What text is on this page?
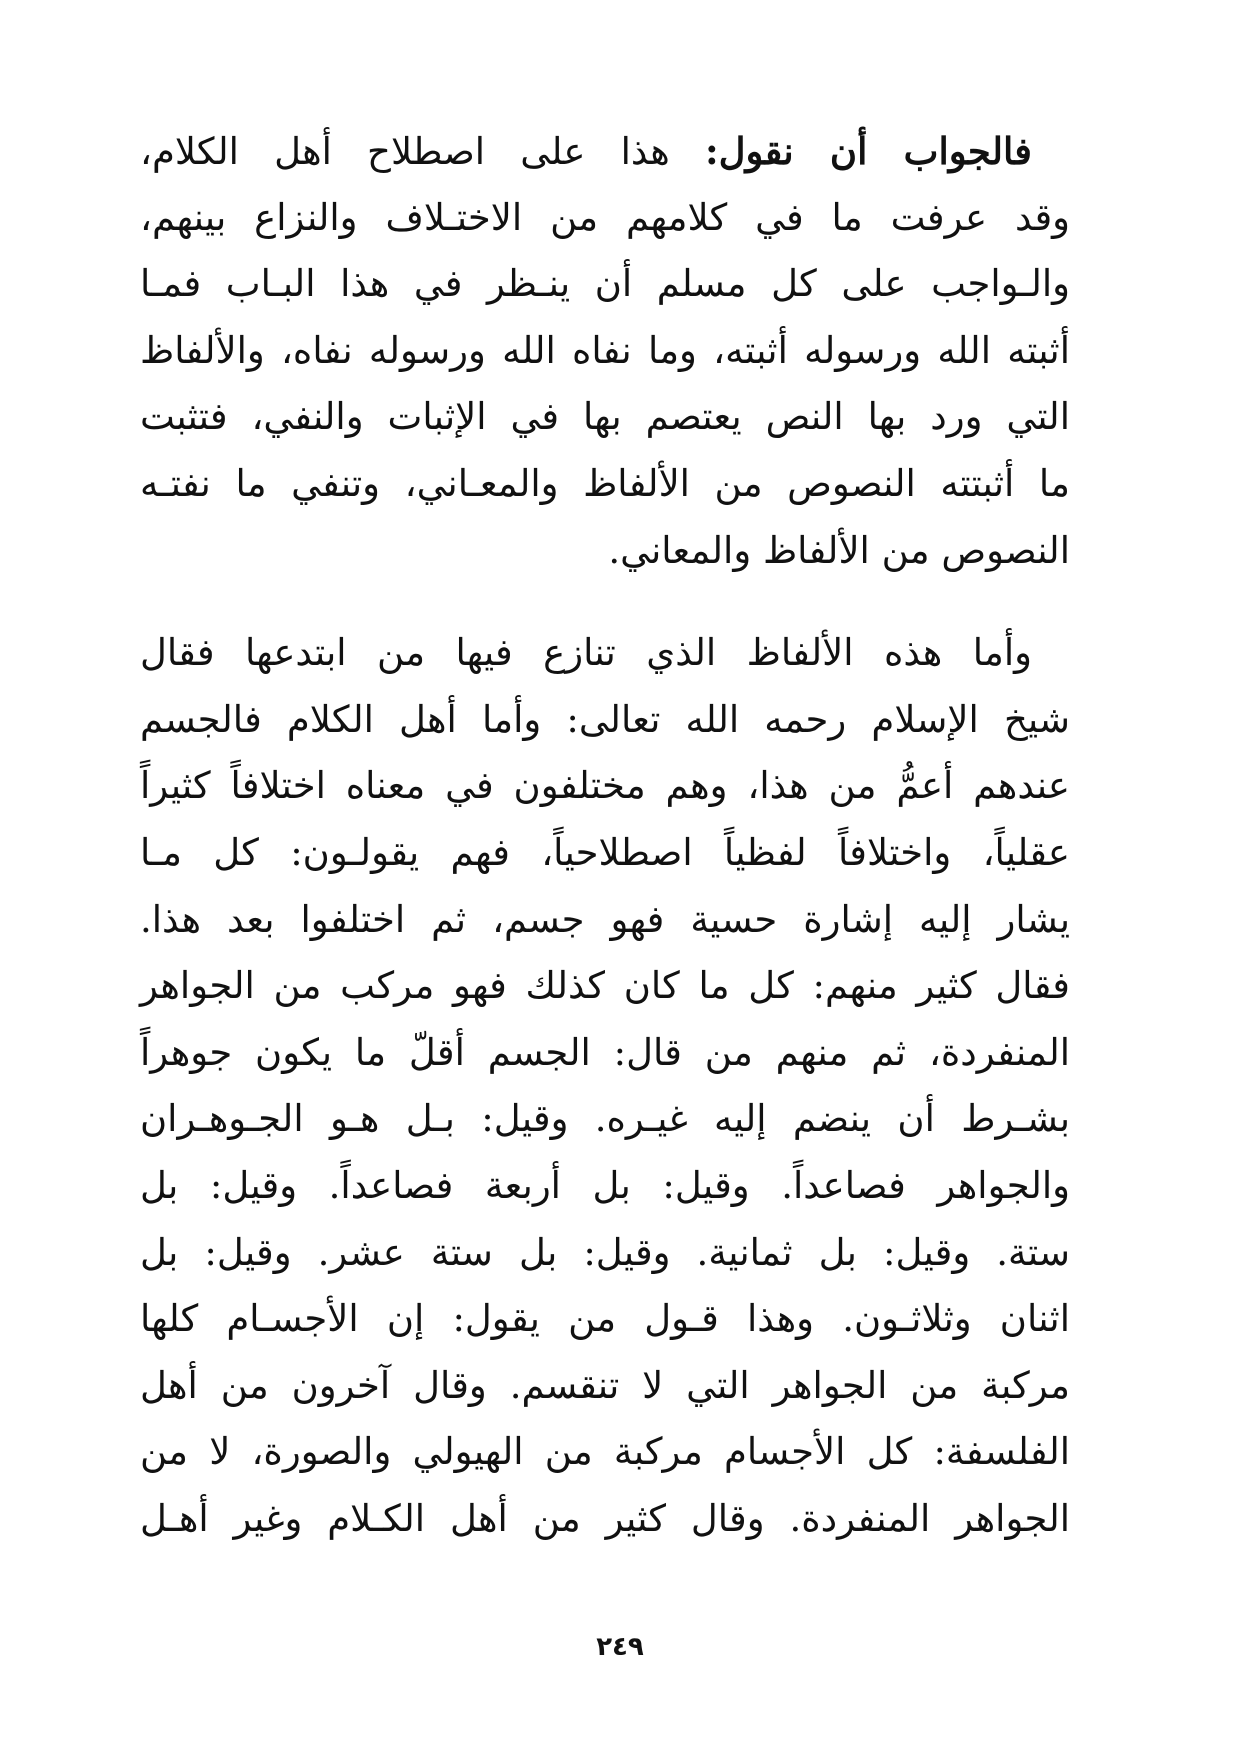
فالجواب أن نقول: هذا على اصطلاح أهل الكلام،
وقد عرفت ما في كلامهم من الاختـلاف والنزاع بينهم،
والـواجب على كل مسلم أن ينـظر في هذا البـاب فمـا
أثبته الله ورسوله أثبته، وما نفاه الله ورسوله نفاه، والألفاظ
التي ورد بها النص يعتصم بها في الإثبات والنفي، فتثبت
ما أثبتته النصوص من الألفاظ والمعـاني، وتنفي ما نفتـه
النصوص من الألفاظ والمعاني.
وأما هذه الألفاظ الذي تنازع فيها من ابتدعها فقال
شيخ الإسلام رحمه الله تعالى: وأما أهل الكلام فالجسم
عندهم أعمُّ من هذا، وهم مختلفون في معناه اختلافاً كثيراً
عقلياً، واختلافاً لفظياً اصطلاحياً، فهم يقولـون: كل مـا
يشار إليه إشارة حسية فهو جسم، ثم اختلفوا بعد هذا.
فقال كثير منهم: كل ما كان كذلك فهو مركب من الجواهر
المنفردة، ثم منهم من قال: الجسم أقلّ ما يكون جوهراً
بشـرط أن ينضم إليه غيـره. وقيل: بـل هـو الجـوهـران
والجواهر فصاعداً. وقيل: بل أربعة فصاعداً. وقيل: بل
ستة. وقيل: بل ثمانية. وقيل: بل ستة عشر. وقيل: بل
اثنان وثلاثـون. وهذا قـول من يقول: إن الأجسـام كلها
مركبة من الجواهر التي لا تنقسم. وقال آخرون من أهل
الفلسفة: كل الأجسام مركبة من الهيولي والصورة، لا من
الجواهر المنفردة. وقال كثير من أهل الكـلام وغير أهـل
٢٤٩
